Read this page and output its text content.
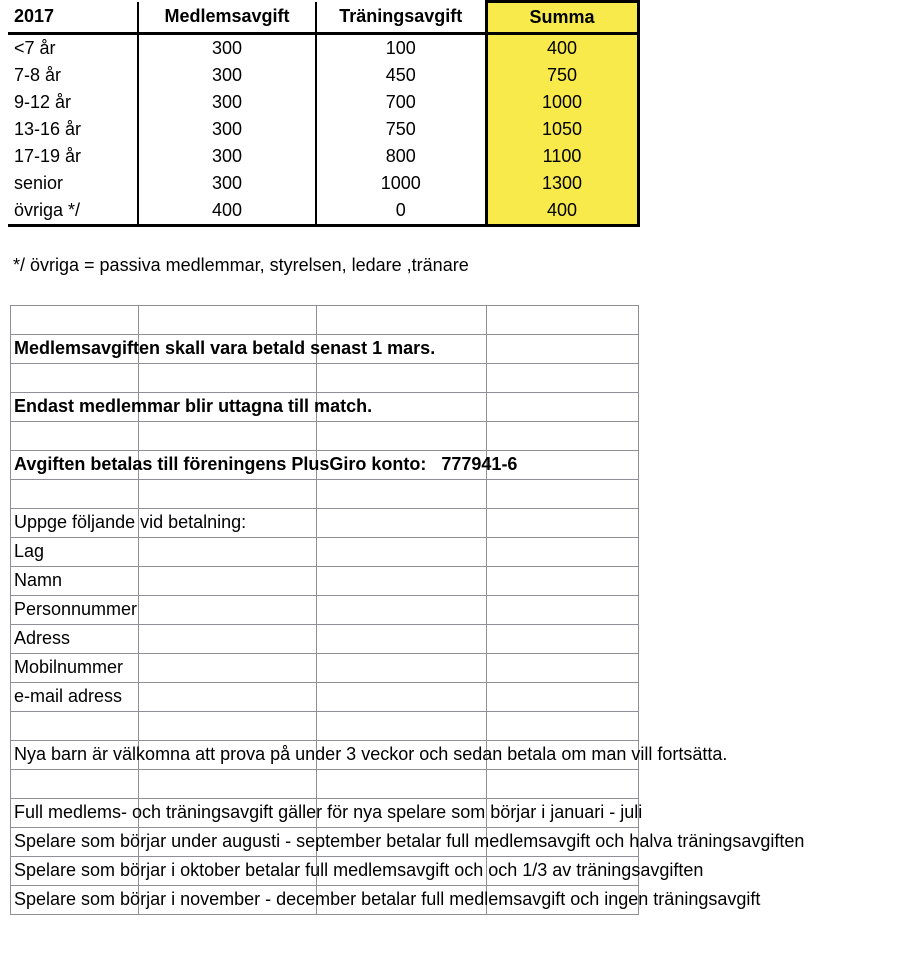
2017	Medlemsavgift	Träningsavgift	Summa
<7 år	300	100	400
7-8 år	300	450	750
9-12 år	300	700	1000
13-16 år	300	750	1050
17-19 år	300	800	1100
senior	300	1000	1300
övriga */	400	0	400
*/ övriga = passiva medlemmar, styrelsen, ledare ,tränare
Medlemsavgiften skall vara betald senast 1 mars.
Endast medlemmar blir uttagna till match.
Avgiften betalas till föreningens PlusGiro konto:   777941-6
Uppge följande vid betalning:
Lag
Namn
Personnummer
Adress
Mobilnummer
e-mail adress
Nya barn är välkomna att prova på under 3 veckor och sedan betala om man vill fortsätta.
Full medlems- och träningsavgift gäller för nya spelare som börjar i januari - juli
Spelare som börjar under augusti - september betalar full medlemsavgift och halva träningsavgiften
Spelare som börjar i oktober betalar full medlemsavgift och och 1/3 av träningsavgiften
Spelare som börjar i november - december betalar full medlemsavgift och ingen träningsavgift
